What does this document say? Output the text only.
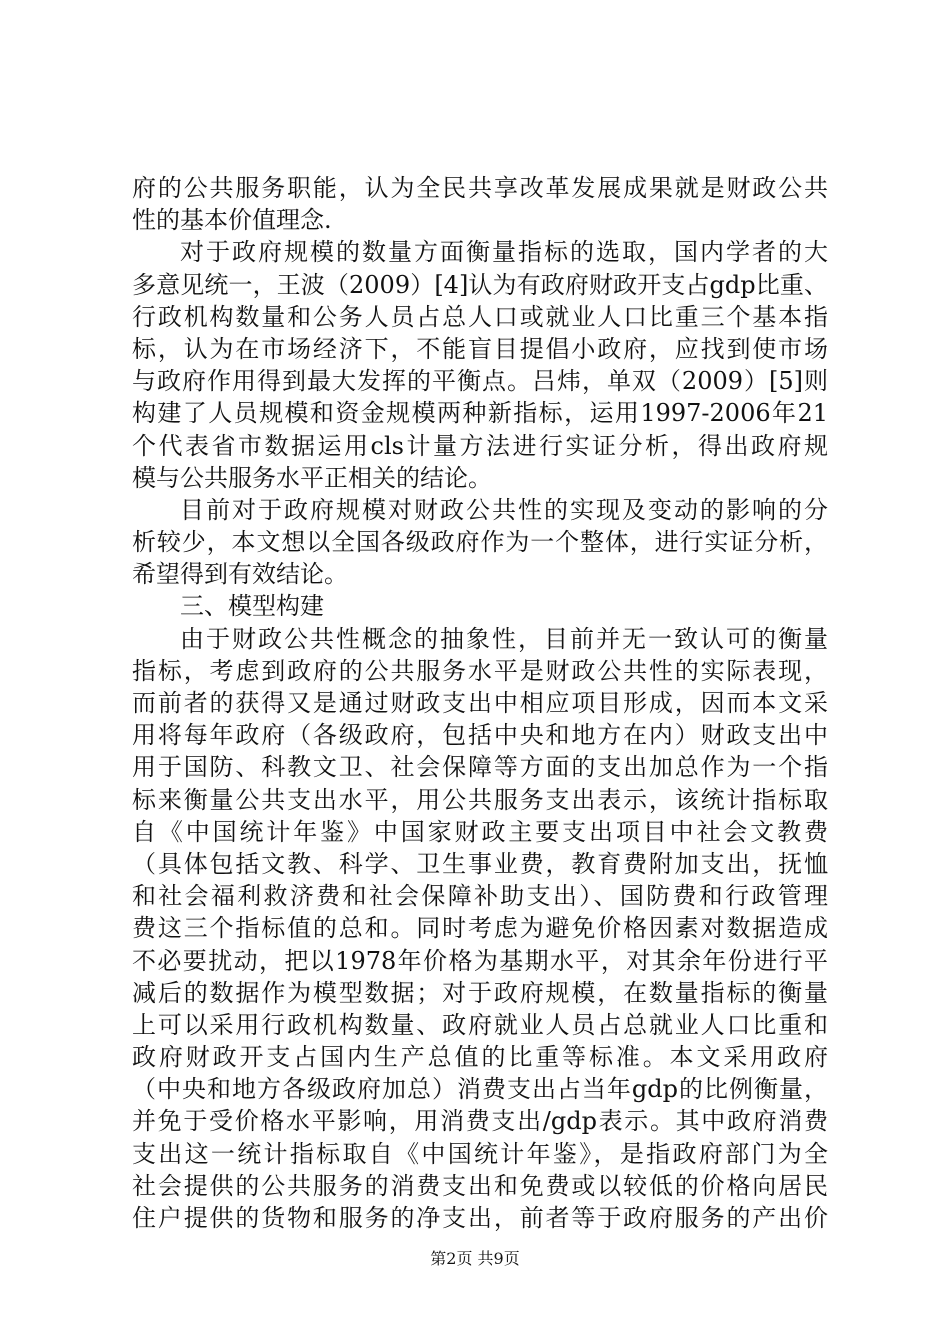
府的公共服务职能，认为全民共享改革发展成果就是财政公共
性的基本价值理念.
对于政府规模的数量方面衡量指标的选取，国内学者的大
多意见统一，王波（2009）[4]认为有政府财政开支占gdp比重、
行政机构数量和公务人员占总人口或就业人口比重三个基本指
标，认为在市场经济下，不能盲目提倡小政府，应找到使市场
与政府作用得到最大发挥的平衡点。吕炜，单双（2009）[5]则
构建了人员规模和资金规模两种新指标，运用1997-2006年21
个代表省市数据运用cls计量方法进行实证分析，得出政府规
模与公共服务水平正相关的结论。
目前对于政府规模对财政公共性的实现及变动的影响的分
析较少，本文想以全国各级政府作为一个整体，进行实证分析，
希望得到有效结论。
三、模型构建
由于财政公共性概念的抽象性，目前并无一致认可的衡量
指标，考虑到政府的公共服务水平是财政公共性的实际表现，
而前者的获得又是通过财政支出中相应项目形成，因而本文采
用将每年政府（各级政府，包括中央和地方在内）财政支出中
用于国防、科教文卫、社会保障等方面的支出加总作为一个指
标来衡量公共支出水平，用公共服务支出表示，该统计指标取
自《中国统计年鉴》中国家财政主要支出项目中社会文教费
（具体包括文教、科学、卫生事业费，教育费附加支出，抚恤
和社会福利救济费和社会保障补助支出）、国防费和行政管理
费这三个指标值的总和。同时考虑为避免价格因素对数据造成
不必要扰动，把以1978年价格为基期水平，对其余年份进行平
减后的数据作为模型数据；对于政府规模，在数量指标的衡量
上可以采用行政机构数量、政府就业人员占总就业人口比重和
政府财政开支占国内生产总值的比重等标准。本文采用政府
（中央和地方各级政府加总）消费支出占当年gdp的比例衡量，
并免于受价格水平影响，用消费支出/gdp表示。其中政府消费
支出这一统计指标取自《中国统计年鉴》，是指政府部门为全
社会提供的公共服务的消费支出和免费或以较低的价格向居民
住户提供的货物和服务的净支出，前者等于政府服务的产出价
第2页 共9页
